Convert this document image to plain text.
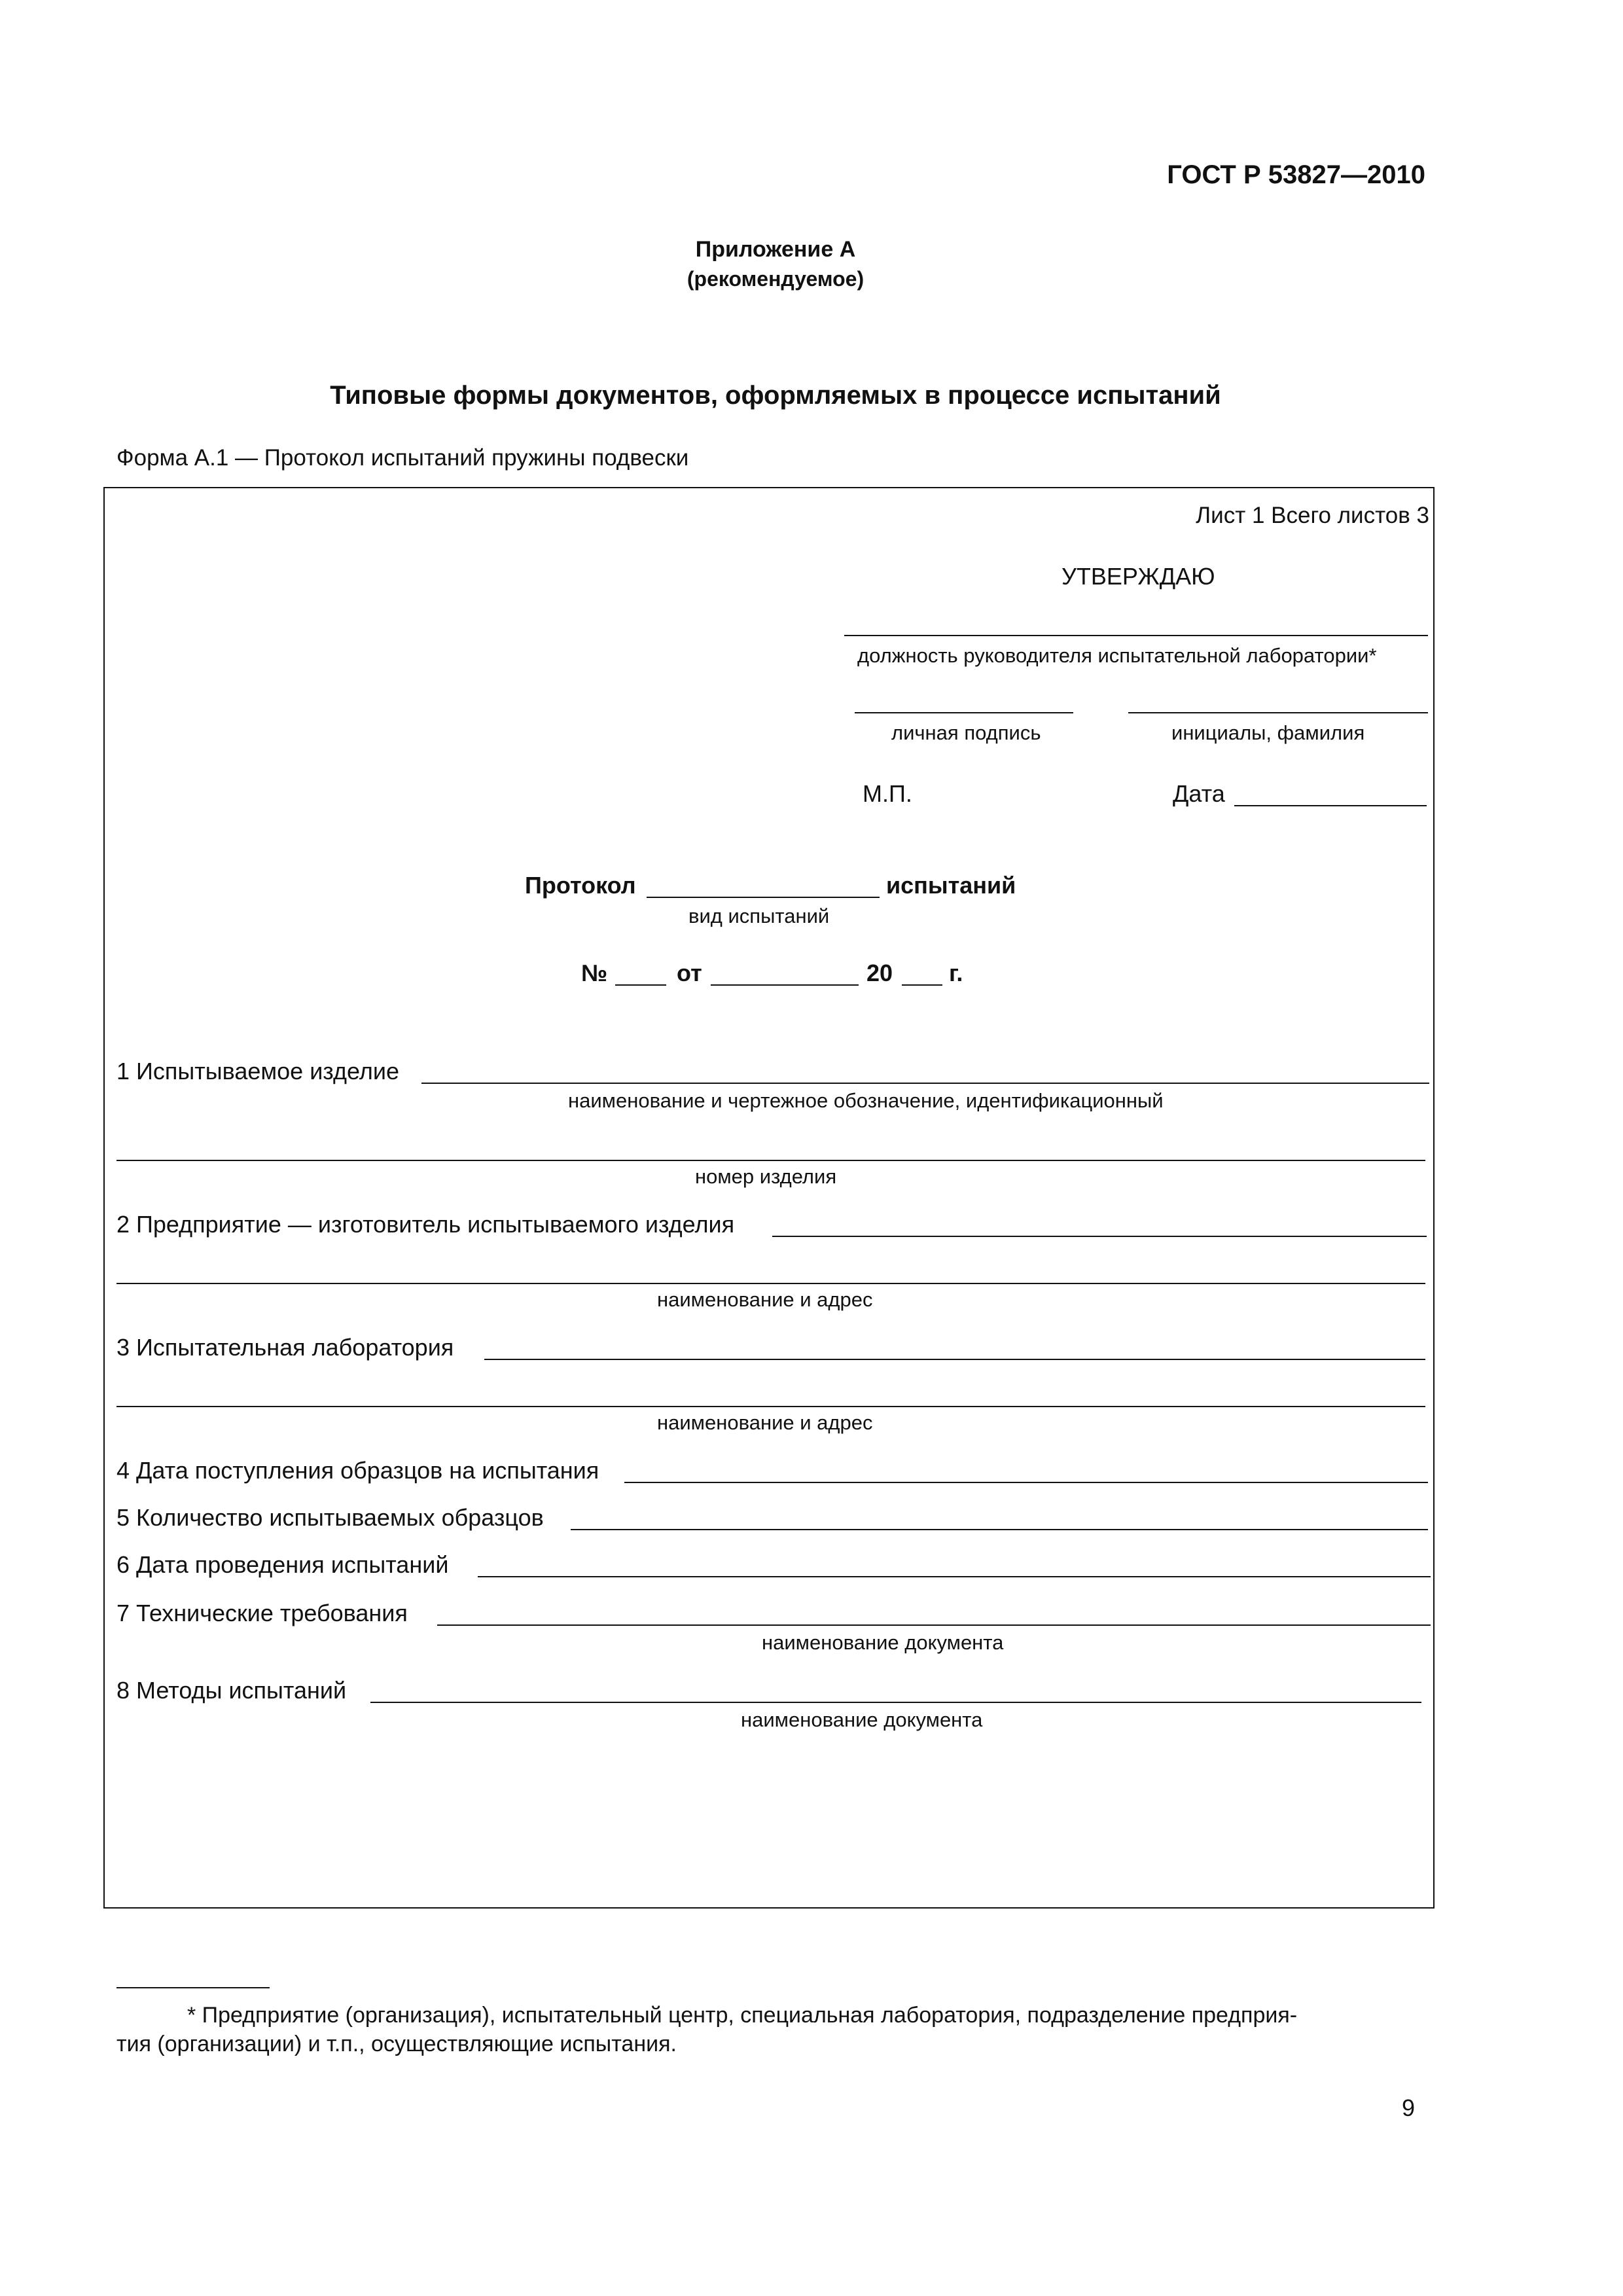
ГОСТ Р 53827—2010
Приложение А
(рекомендуемое)
Типовые формы документов, оформляемых в процессе испытаний
Форма А.1 — Протокол испытаний пружины подвески
Лист 1 Всего листов 3
УТВЕРЖДАЮ
должность руководителя испытательной лаборатории*
личная подпись	инициалы, фамилия
М.П.	Дата
Протокол	испытаний
вид испытаний
№	от	20 г.
1 Испытываемое изделие
наименование и чертежное обозначение, идентификационный
номер изделия
2 Предприятие — изготовитель испытываемого изделия
наименование и адрес
3 Испытательная лаборатория
наименование и адрес
4 Дата поступления образцов на испытания
5 Количество испытываемых образцов
6 Дата проведения испытаний
7 Технические требования
наименование документа
8 Методы испытаний
наименование документа
* Предприятие (организация), испытательный центр, специальная лаборатория, подразделение предприя-
тия (организации) и т.п., осуществляющие испытания.
9
